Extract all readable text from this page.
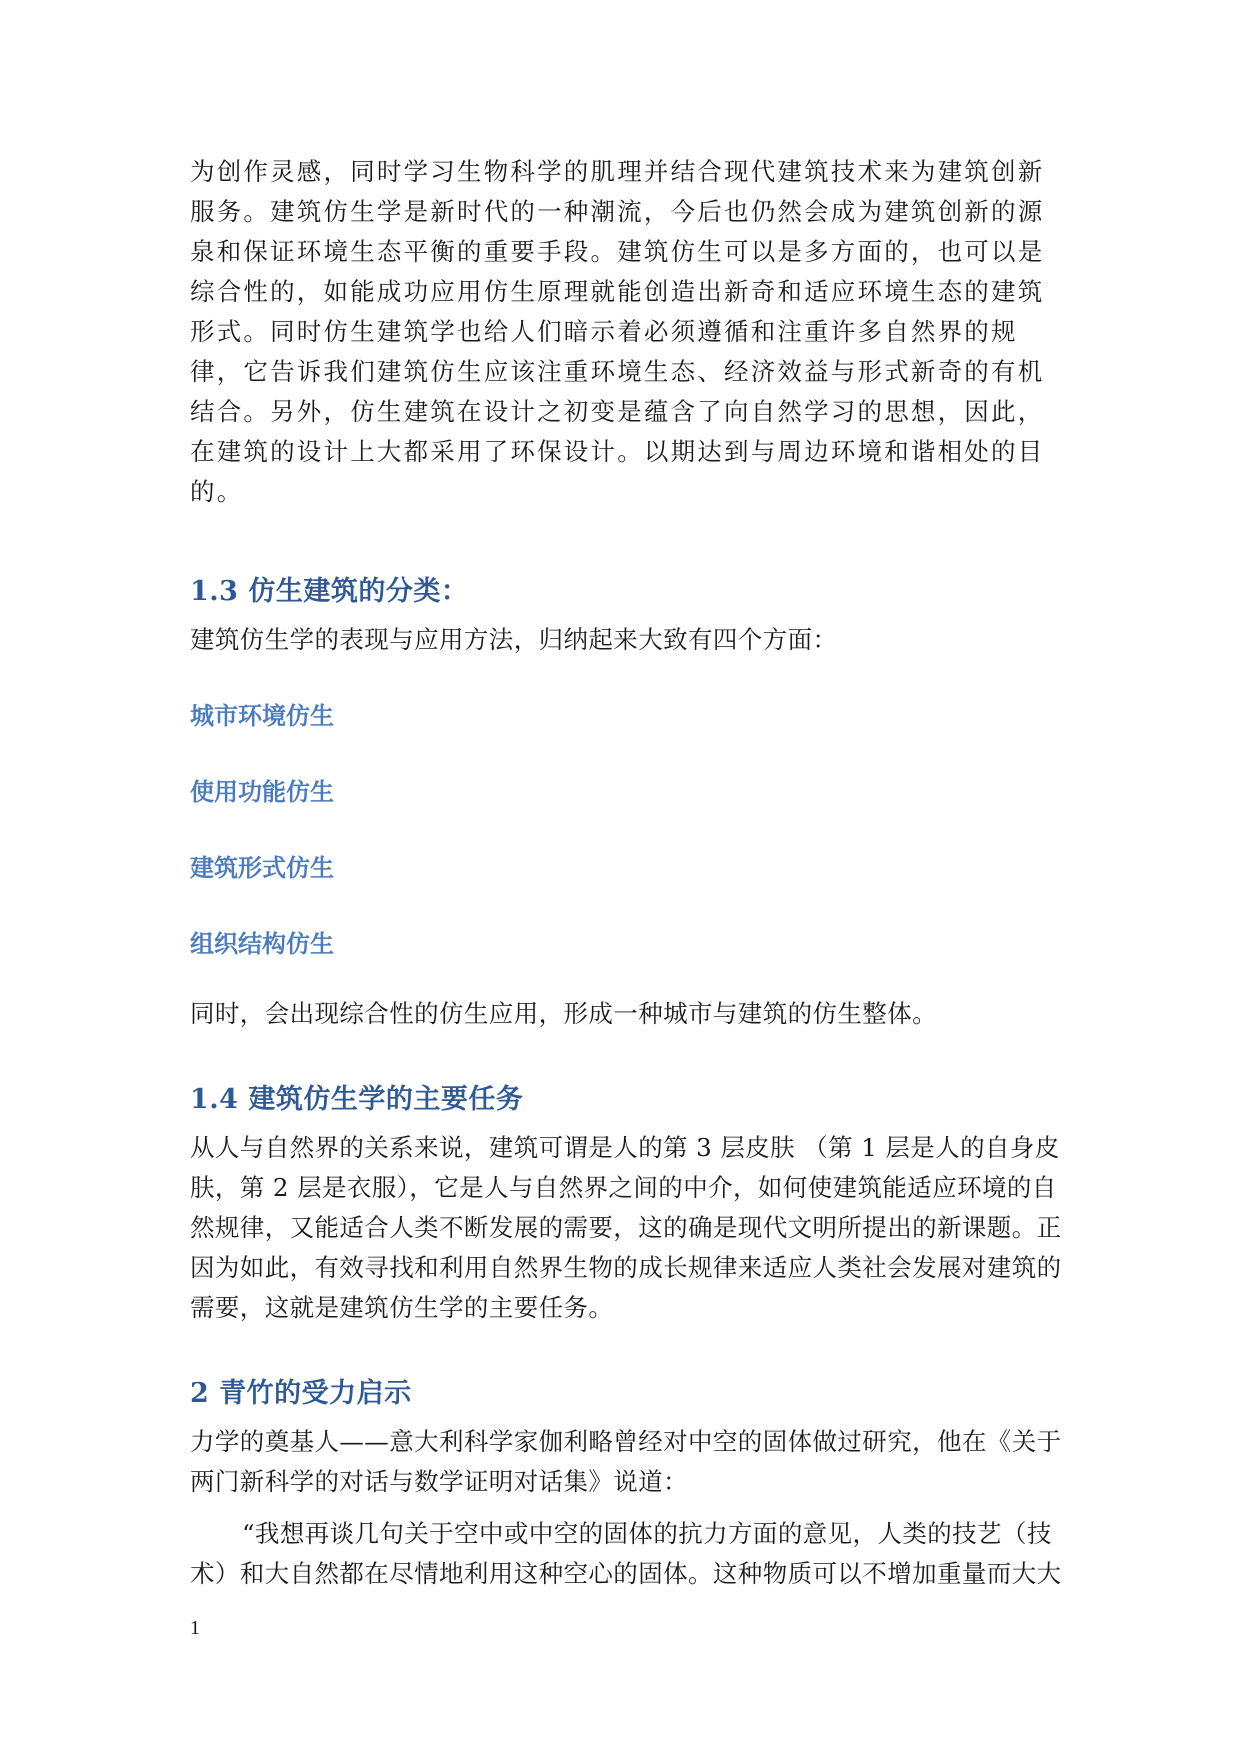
为创作灵感，同时学习生物科学的肌理并结合现代建筑技术来为建筑创新服务。建筑仿生学是新时代的一种潮流，今后也仍然会成为建筑创新的源泉和保证环境生态平衡的重要手段。建筑仿生可以是多方面的，也可以是综合性的，如能成功应用仿生原理就能创造出新奇和适应环境生态的建筑形式。同时仿生建筑学也给人们暗示着必须遵循和注重许多自然界的规律，它告诉我们建筑仿生应该注重环境生态、经济效益与形式新奇的有机结合。另外，仿生建筑在设计之初变是蕴含了向自然学习的思想，因此，在建筑的设计上大都采用了环保设计。以期达到与周边环境和谐相处的目的。

1.3 仿生建筑的分类：

建筑仿生学的表现与应用方法，归纳起来大致有四个方面：

城市环境仿生
使用功能仿生
建筑形式仿生
组织结构仿生

同时，会出现综合性的仿生应用，形成一种城市与建筑的仿生整体。

1.4 建筑仿生学的主要任务

从人与自然界的关系来说，建筑可谓是人的第 3 层皮肤 （第 1 层是人的自身皮肤，第 2 层是衣服），它是人与自然界之间的中介，如何使建筑能适应环境的自然规律，又能适合人类不断发展的需要，这的确是现代文明所提出的新课题。正因为如此，有效寻找和利用自然界生物的成长规律来适应人类社会发展对建筑的需要，这就是建筑仿生学的主要任务。

2 青竹的受力启示

力学的奠基人——意大利科学家伽利略曾经对中空的固体做过研究，他在《关于两门新科学的对话与数学证明对话集》说道：

“我想再谈几句关于空中或中空的固体的抗力方面的意见，人类的技艺（技术）和大自然都在尽情地利用这种空心的固体。这种物质可以不增加重量而大大

1
